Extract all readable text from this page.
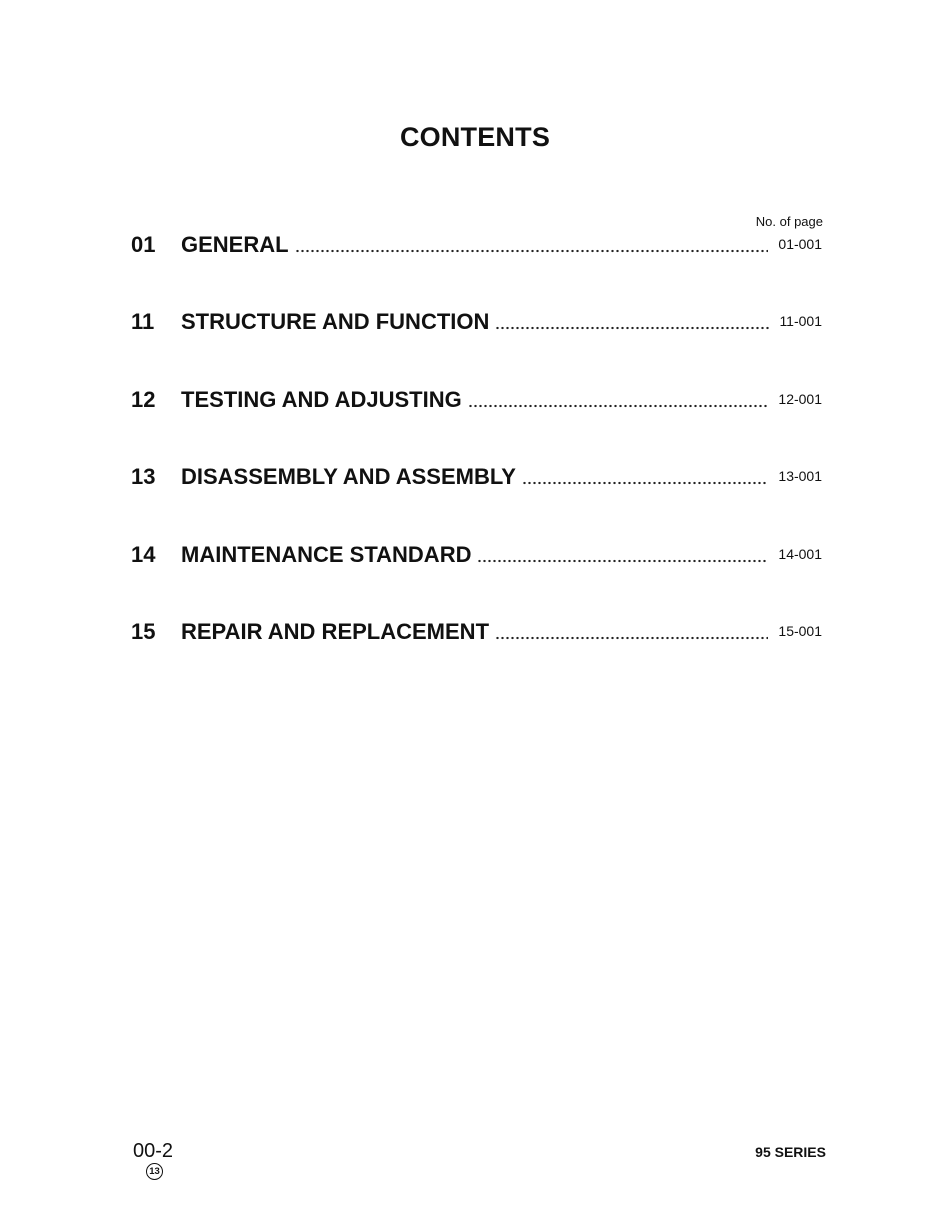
CONTENTS
No. of page
01	GENERAL	01-001
11	STRUCTURE AND FUNCTION	11-001
12	TESTING AND ADJUSTING	12-001
13	DISASSEMBLY AND ASSEMBLY	13-001
14	MAINTENANCE STANDARD	14-001
15	REPAIR AND REPLACEMENT	15-001
00-2
13
95 SERIES
